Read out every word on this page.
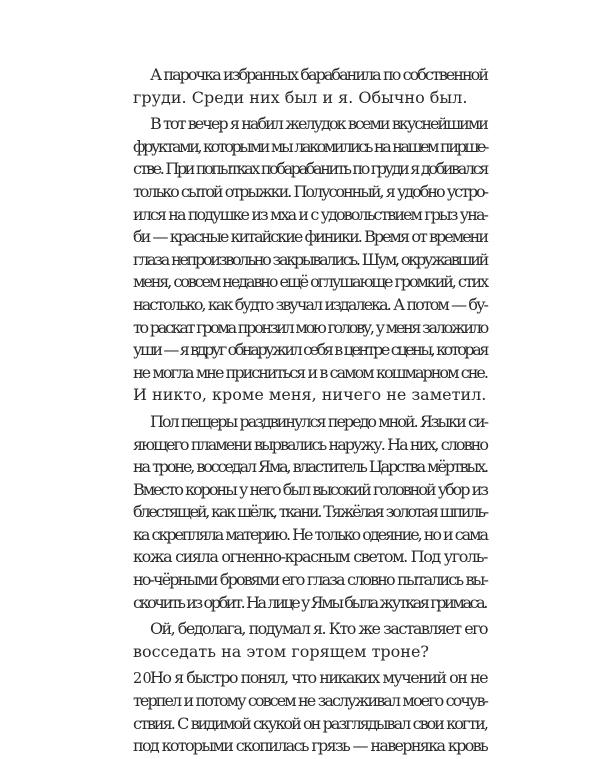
А парочка избранных барабанила по собственной
груди. Среди них был и я. Обычно был.
В тот вечер я набил желудок всеми вкуснейшими
фруктами, которыми мы лакомились на нашем пирше-
стве. При попытках побарабанить по груди я добивался
только сытой отрыжки. Полусонный, я удобно устро-
ился на подушке из мха и с удовольствием грыз уна-
би — красные китайские финики. Время от времени
глаза непроизвольно закрывались. Шум, окружавший
меня, совсем недавно ещё оглушающе громкий, стих
настолько, как будто звучал издалека. А потом — бу-
то раскат грома пронзил мою голову, у меня заложило
уши — я вдруг обнаружил себя в центре сцены, которая
не могла мне присниться и в самом кошмарном сне.
И никто, кроме меня, ничего не заметил.
Пол пещеры раздвинулся передо мной. Языки си-
яющего пламени вырвались наружу. На них, словно
на троне, восседал Яма, властитель Царства мёртвых.
Вместо короны у него был высокий головной убор из
блестящей, как шёлк, ткани. Тяжёлая золотая шпиль-
ка скрепляла материю. Не только одеяние, но и сама
кожа сияла огненно-красным светом. Под уголь-
но-чёрными бровями его глаза словно пытались вы-
скочить из орбит. На лице у Ямы была жуткая гримаса.
Ой, бедолага, подумал я. Кто же заставляет его
восседать на этом горящем троне?
Но я быстро понял, что никаких мучений он не
терпел и потому совсем не заслуживал моего сочув-
ствия. С видимой скукой он разглядывал свои когти,
под которыми скопилась грязь — наверняка кровь
20
